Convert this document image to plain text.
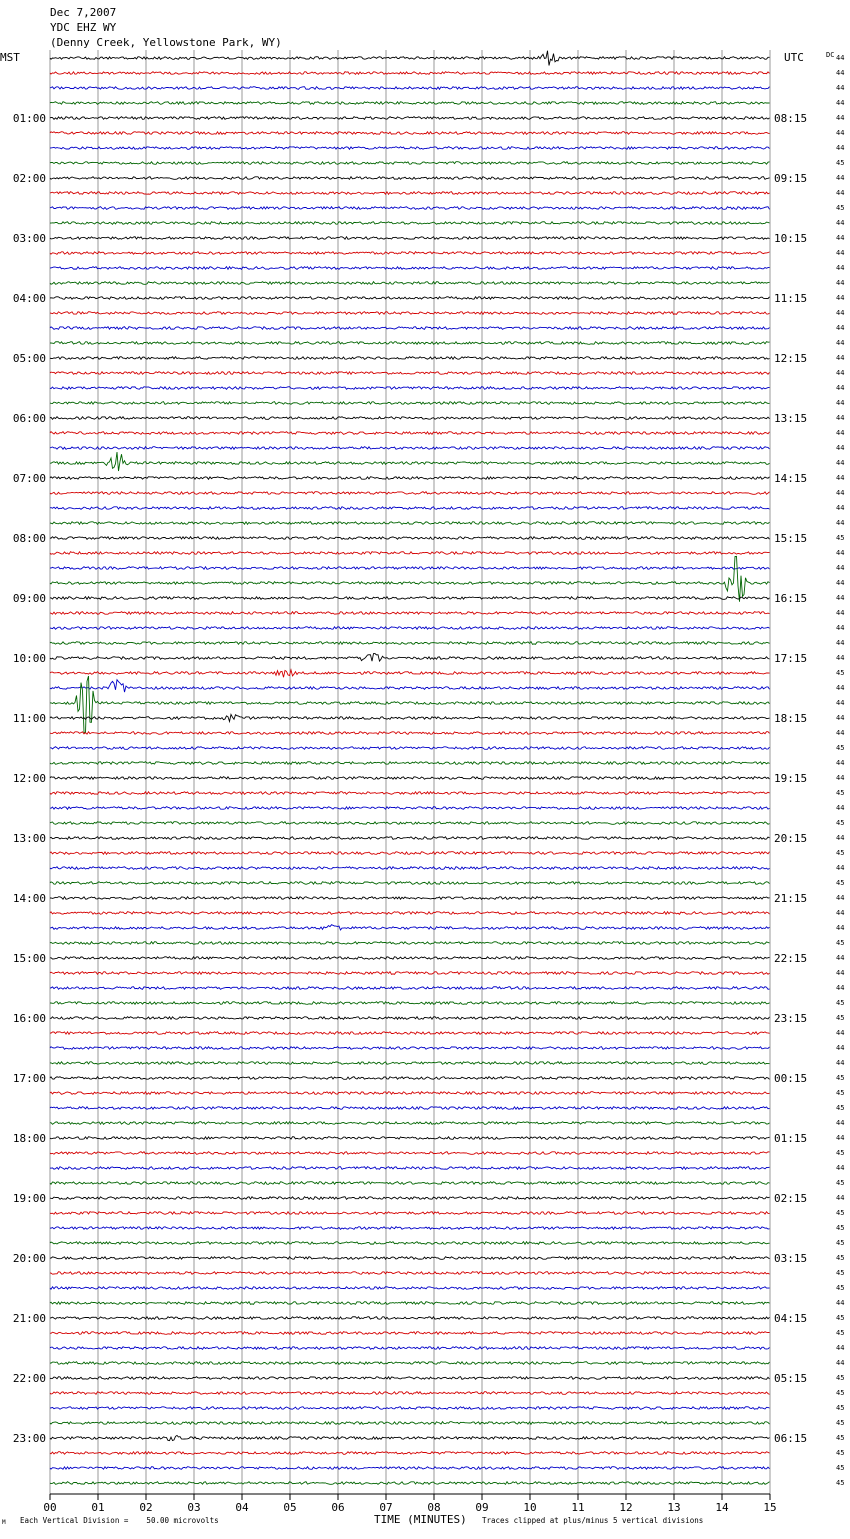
Dec 7,2007
YDC EHZ WY
(Denny Creek, Yellowstone Park, WY)
MST	UTC	DC
01:00
02:00
03:00
04:00
05:00
06:00
07:00
08:00
09:00
10:00
11:00
12:00
13:00
14:00
15:00
16:00
17:00
18:00
19:00
20:00
21:00
22:00
23:00
08:15
09:15
10:15
11:15
12:15
13:15
14:15
15:15
16:15
17:15
18:15
19:15
20:15
21:15
22:15
23:15
00:15
01:15
02:15
03:15
04:15
05:15
06:15
44
44
44
44
44
44
44
45
44
44
45
44
44
44
44
44
44
44
44
44
44
44
44
44
44
44
44
44
44
44
44
44
45
44
44
44
44
44
44
44
44
45
44
44
44
44
45
44
44
45
44
45
44
45
44
45
44
44
44
45
44
44
44
45
45
44
44
44
45
45
45
44
44
45
44
45
44
45
45
45
45
45
45
44
45
45
44
44
45
45
45
45
45
45
45
45
00	01	02	03	04	05	06	07	08	09	10	11	12	13	14	15
M Each Vertical Division =    50.00 microvolts	TIME (MINUTES) Traces clipped at plus/minus 5 vertical divisions
